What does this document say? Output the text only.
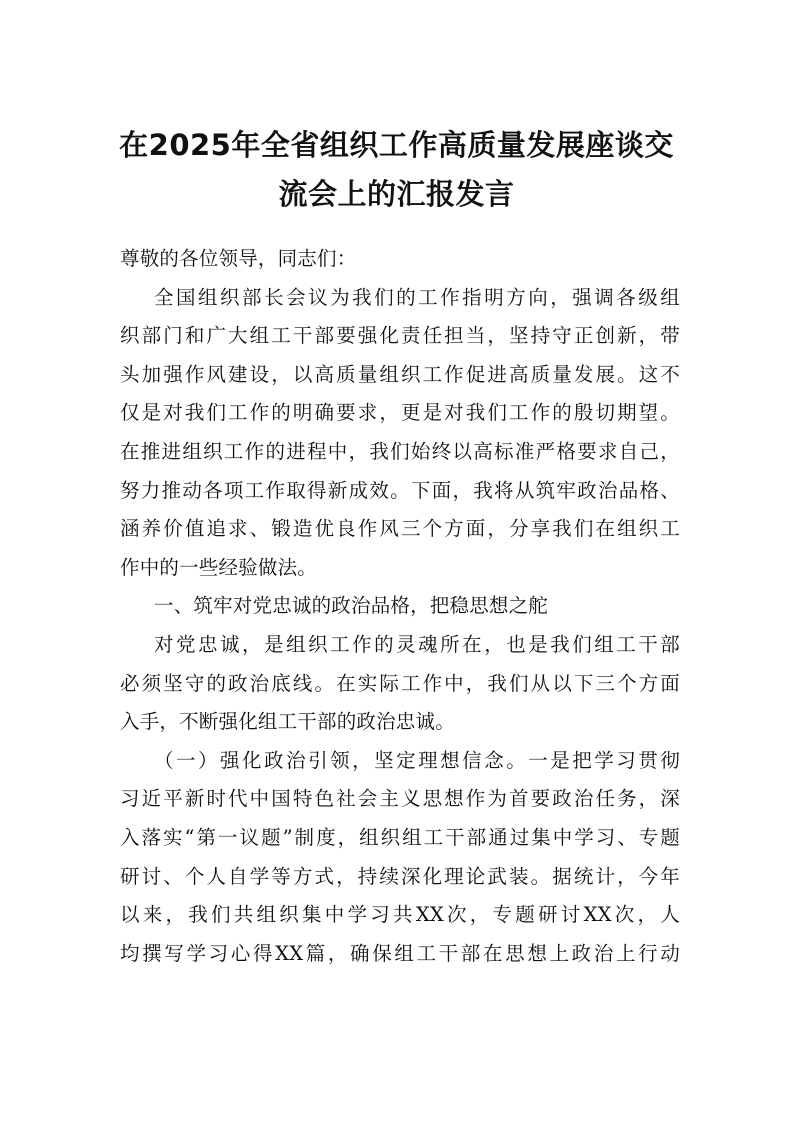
在2025年全省组织工作高质量发展座谈交
流会上的汇报发言
尊敬的各位领导，同志们：
全国组织部长会议为我们的工作指明方向，强调各级组
织部门和广大组工干部要强化责任担当，坚持守正创新，带
头加强作风建设，以高质量组织工作促进高质量发展。这不
仅是对我们工作的明确要求，更是对我们工作的殷切期望。
在推进组织工作的进程中，我们始终以高标准严格要求自己，
努力推动各项工作取得新成效。下面，我将从筑牢政治品格、
涵养价值追求、锻造优良作风三个方面，分享我们在组织工
作中的一些经验做法。
一、筑牢对党忠诚的政治品格，把稳思想之舵
对党忠诚，是组织工作的灵魂所在，也是我们组工干部
必须坚守的政治底线。在实际工作中，我们从以下三个方面
入手，不断强化组工干部的政治忠诚。
（一）强化政治引领，坚定理想信念。一是把学习贯彻
习近平新时代中国特色社会主义思想作为首要政治任务，深
入落实“第一议题”制度，组织组工干部通过集中学习、专题
研讨、个人自学等方式，持续深化理论武装。据统计，今年
以来，我们共组织集中学习共XX次，专题研讨XX次，人
均撰写学习心得XX篇，确保组工干部在思想上政治上行动
